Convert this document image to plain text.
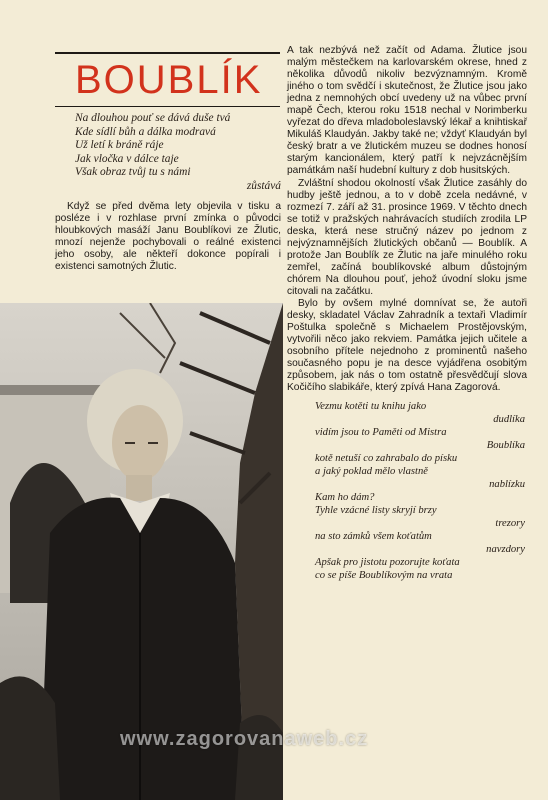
BOUBLÍK
Na dlouhou pouť se dává duše tvá
Kde sídlí bůh a dálka modravá
Už letí k bráně ráje
Jak vločka v dálce taje
Však obraz tvůj tu s námi
zůstává
Když se před dvěma lety objevila v tisku a posléze i v rozhlase první zmínka o původci hloubkových masáží Janu Boublíkovi ze Žlutic, mnozí nejenže pochybovali o reálné existenci jeho osoby, ale někteří dokonce popírali i existenci samotných Žlutic.

A tak nezbývá než začít od Adama. Žlutice jsou malým městečkem na karlovarském okrese, hned z několika důvodů nikoliv bezvýznamným. Kromě jiného o tom svědčí i skutečnost, že Žlutice jsou jako jedna z nemnohých obcí uvedeny už na vůbec první mapě Čech, kterou roku 1518 nechal v Norimberku vyřezat do dřeva mladoboleslavský lékař a knihtiskař Mikuláš Klaudyán. Jakby také ne; vždyť Klaudyán byl český bratr a ve žlutickém muzeu se dodnes honosí starým kancionálem, který patří k nejvzácnějším památkám naší hudební kultury z dob husitských.

Zvláštní shodou okolností však Žlutice zasáhly do hudby ještě jednou, a to v době zcela nedávné, v rozmezí 7. září až 31. prosince 1969. V těchto dnech se totiž v pražských nahrávacích studiích zrodila LP deska, která nese stručný název po jednom z nejvýznamnějších žlutických občanů — Boublík. A protože Jan Boublík ze Žlutic na jaře minulého roku zemřel, začíná boublíkovské album důstojným chórem Na dlouhou pouť, jehož úvodní sloku jsme citovali na začátku.

Bylo by ovšem mylné domnívat se, že autoři desky, skladatel Václav Zahradník a textaři Vladimír Poštulka společně s Michaelem Prostějovským, vytvořili něco jako rekviem. Památka jejich učitele a osobního přítele nejednoho z prominentů našeho současného popu je na desce vyjádřena osobitým způsobem, jak nás o tom ostatně přesvědčují slova Kočičího slabikáře, který zpívá Hana Zagorová.

Vezmu kotěti tu knihu jako
dudlíka
vidím jsou to Paměti od Mistra
Boublíka
kotě netuší co zahrabalo do písku
a jaký poklad mělo vlastně
nablízku
Kam ho dám?
Tyhle vzácné listy skryjí brzy
trezory
na sto zámků všem koťatům
navzdory
Apšak pro jistotu pozorujte koťata
co se píše Boublíkovým na vrata
www.zagorovanaweb.cz
